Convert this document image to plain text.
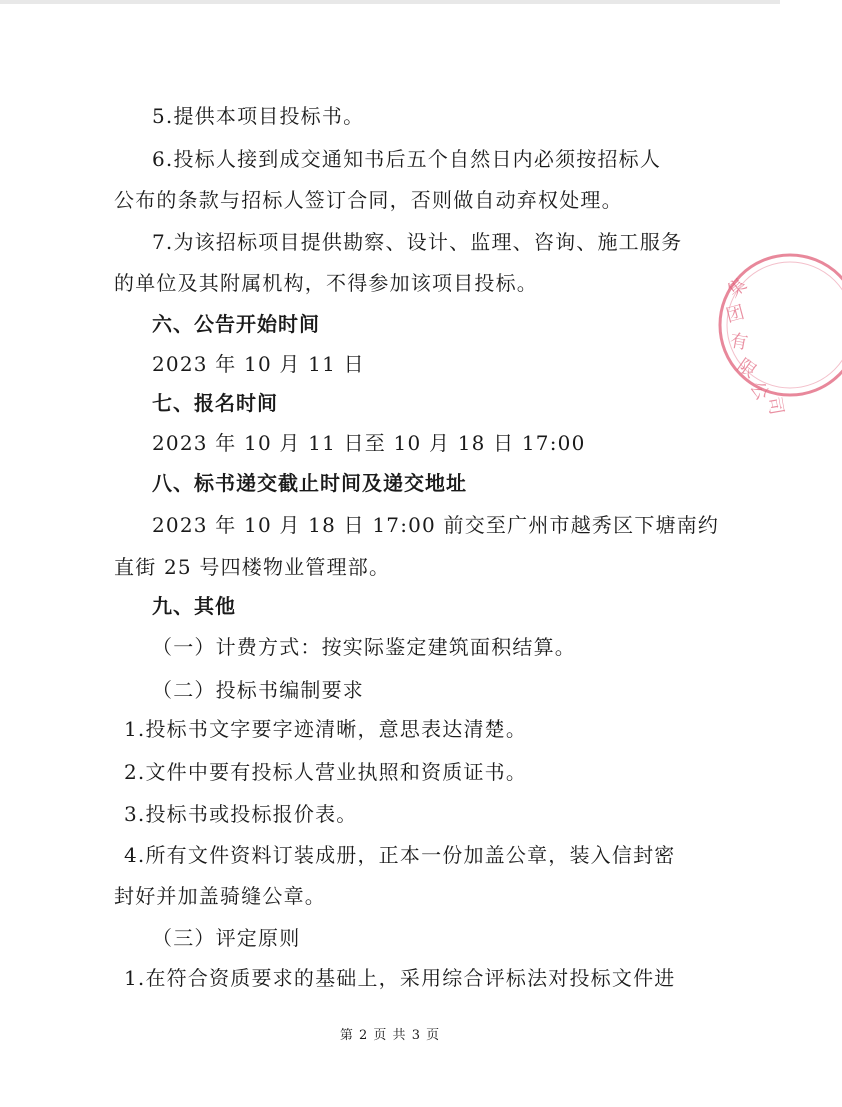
5.提供本项目投标书。
6.投标人接到成交通知书后五个自然日内必须按招标人
公布的条款与招标人签订合同，否则做自动弃权处理。
7.为该招标项目提供勘察、设计、监理、咨询、施工服务
的单位及其附属机构，不得参加该项目投标。
六、公告开始时间
2023 年 10 月 11 日
七、报名时间
2023 年 10 月 11 日至 10 月 18 日 17:00
八、标书递交截止时间及递交地址
2023 年 10 月 18 日 17:00 前交至广州市越秀区下塘南约
直街 25 号四楼物业管理部。
九、其他
（一）计费方式：按实际鉴定建筑面积结算。
（二）投标书编制要求
1.投标书文字要字迹清晰，意思表达清楚。
2.文件中要有投标人营业执照和资质证书。
3.投标书或投标报价表。
4.所有文件资料订装成册，正本一份加盖公章，装入信封密
封好并加盖骑缝公章。
（三）评定原则
1.在符合资质要求的基础上，采用综合评标法对投标文件进
第 2 页 共 3 页
集
团
有
限
公
司
